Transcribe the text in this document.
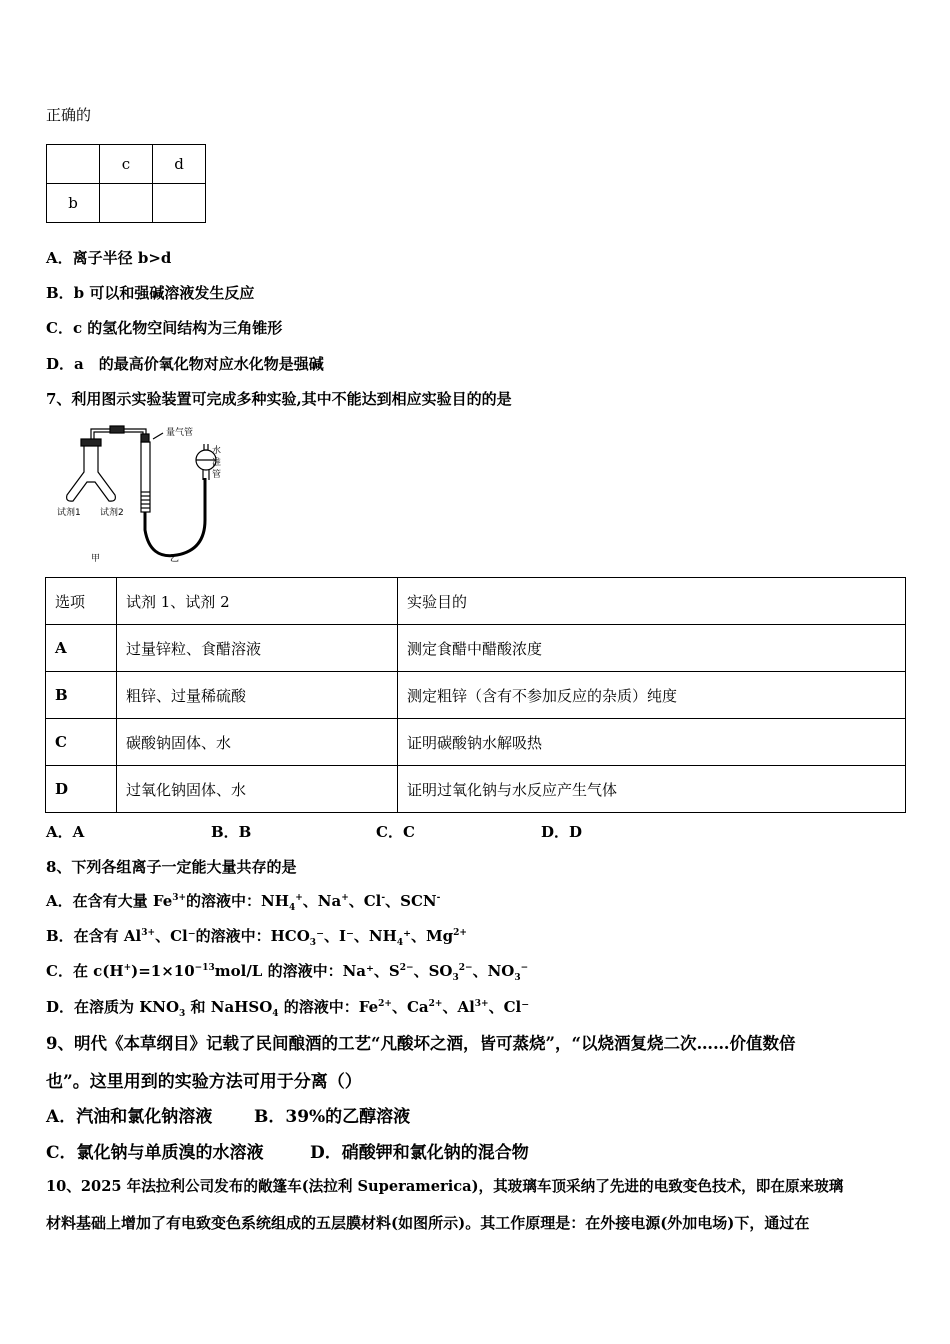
正确的
	c	d
b		
A．离子半径 b>d
B．b 可以和强碱溶液发生反应
C．c 的氢化物空间结构为三角锥形
D．a　的最高价氧化物对应水化物是强碱
7、利用图示实验装置可完成多种实验,其中不能达到相应实验目的的是
量气管
水
准
管
试剂1 试剂2
甲	乙
选项	试剂 1、试剂 2	实验目的
A	过量锌粒、食醋溶液	测定食醋中醋酸浓度
B	粗锌、过量稀硫酸	测定粗锌（含有不参加反应的杂质）纯度
C	碳酸钠固体、水	证明碳酸钠水解吸热
D	过氧化钠固体、水	证明过氧化钠与水反应产生气体
A．A	B．B	C．C	D．D
8、下列各组离子一定能大量共存的是
A．在含有大量 $Fe^{3+}$的溶液中：$NH_4^+$、Na+、Cl-、SCN-
B．在含有 $Al^{3+}$、Cl⁻的溶液中：$HCO_3^-$、I⁻、$NH_4^+$、$Mg^{2+}$
C．在 $c(H^+)=1\times 10^{-13}mol/L$ 的溶液中：Na⁺、$S^{2-}$、$SO_3^{2-}$、$NO_3^-$
D．在溶质为 $KNO_3$ 和 NaHSO$_4$ 的溶液中：$Fe^{2+}$、$Ca^{2+}$、$Al^{3+}$、Cl⁻
9、明代《本草纲目》记载了民间酿酒的工艺“凡酸坏之酒，皆可蒸烧”，“以烧酒复烧二次……价值数倍
也”。这里用到的实验方法可用于分离（）
A．汽油和氯化钠溶液 B．39%的乙醇溶液
C．氯化钠与单质溴的水溶液	D．硝酸钾和氯化钠的混合物
10、2025 年法拉利公司发布的敞篷车(法拉利 Superamerica)，其玻璃车顶采纳了先进的电致变色技术，即在原来玻璃
材料基础上增加了有电致变色系统组成的五层膜材料(如图所示)。其工作原理是：在外接电源(外加电场)下，通过在
